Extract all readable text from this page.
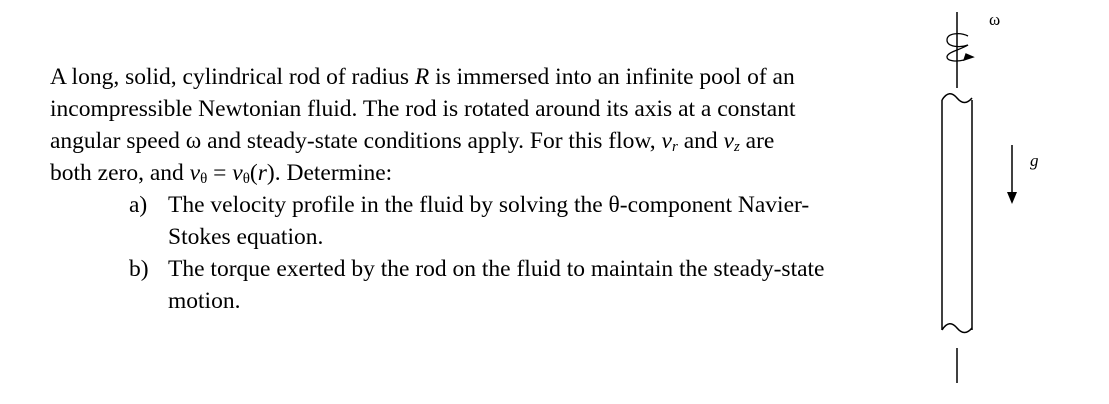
A long, solid, cylindrical rod of radius R is immersed into an infinite pool of an

incompressible Newtonian fluid. The rod is rotated around its axis at a constant

angular speed ω and steady-state conditions apply. For this flow, $v_r$ and $v_z$ are

both zero, and $v_\theta = v_\theta(r)$. Determine:

a) The velocity profile in the fluid by solving the θ-component Navier-
Stokes equation.
b) The torque exerted by the rod on the fluid to maintain the steady-state
motion.
ω
g
